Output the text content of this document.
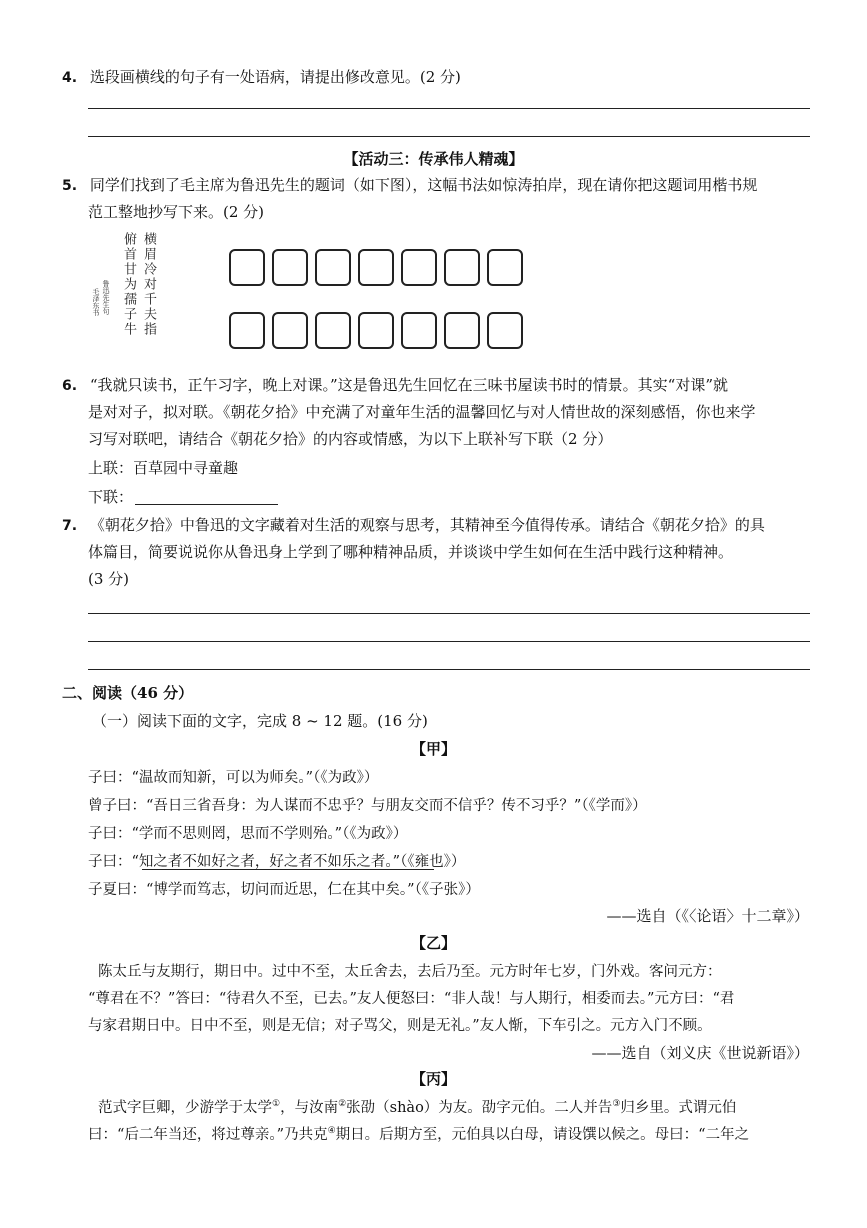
4. 选段画横线的句子有一处语病，请提出修改意见。(2 分)
【活动三：传承伟人精魂】
5. 同学们找到了毛主席为鲁迅先生的题词（如下图），这幅书法如惊涛拍岸，现在请你把这题词用楷书规
范工整地抄写下来。(2 分)
横眉冷对千夫指
俯首甘为孺子牛
鲁迅先生句
毛泽东书
6. “我就只读书，正午习字，晚上对课。”这是鲁迅先生回忆在三味书屋读书时的情景。其实“对课”就
是对对子，拟对联。《朝花夕拾》中充满了对童年生活的温馨回忆与对人情世故的深刻感悟，你也来学
习写对联吧，请结合《朝花夕拾》的内容或情感，为以下上联补写下联（2 分）
上联：百草园中寻童趣
下联：
7. 《朝花夕拾》中鲁迅的文字藏着对生活的观察与思考，其精神至今值得传承。请结合《朝花夕拾》的具
体篇目，简要说说你从鲁迅身上学到了哪种精神品质，并谈谈中学生如何在生活中践行这种精神。
(3 分)
二、阅读（46 分）
（一）阅读下面的文字，完成 8 ~ 12 题。(16 分)
【甲】
子曰：“温故而知新，可以为师矣。”（《为政》）
曾子曰：“吾日三省吾身：为人谋而不忠乎？与朋友交而不信乎？传不习乎？”（《学而》）
子曰：“学而不思则罔，思而不学则殆。”（《为政》）
子曰：“知之者不如好之者，好之者不如乐之者。”（《雍也》）
子夏曰：“博学而笃志，切问而近思，仁在其中矣。”（《子张》）
——选自（《〈论语〉十二章》）
【乙】
陈太丘与友期行，期日中。过中不至，太丘舍去，去后乃至。元方时年七岁，门外戏。客问元方：
“尊君在不？”答曰：“待君久不至，已去。”友人便怒曰：“非人哉！与人期行，相委而去。”元方曰：“君
与家君期日中。日中不至，则是无信；对子骂父，则是无礼。”友人惭，下车引之。元方入门不顾。
——选自（刘义庆《世说新语》）
【丙】
范式字巨卿，少游学于太学①，与汝南②张劭（shào）为友。劭字元伯。二人并告③归乡里。式谓元伯
曰：“后二年当还，将过尊亲。”乃共克④期日。后期方至，元伯具以白母，请设馔以候之。母曰：“二年之
